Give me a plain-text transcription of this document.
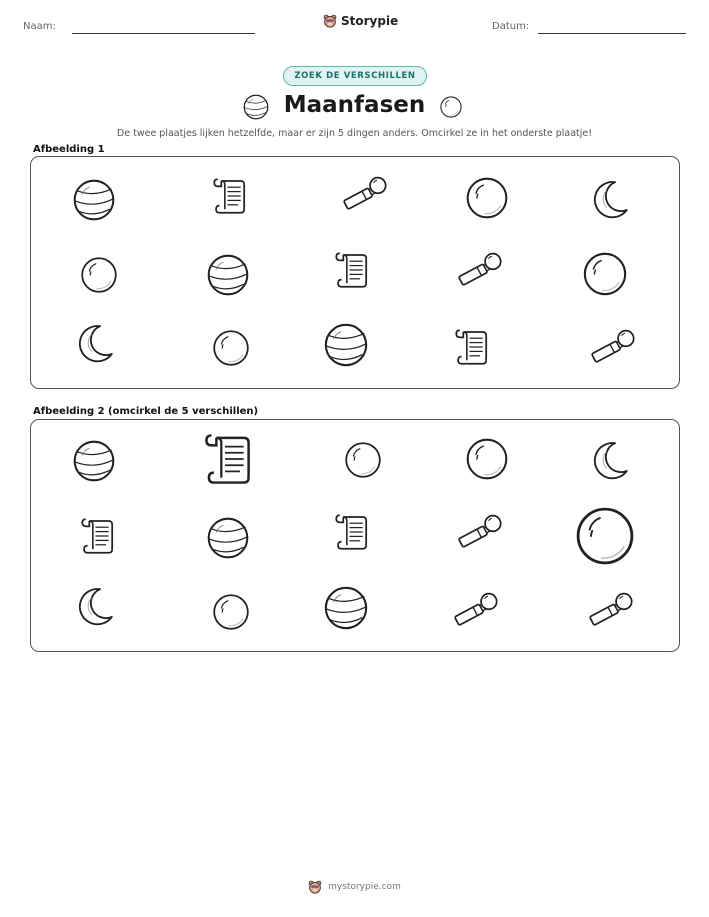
Naam:	Storypie	Datum:
ZOEK DE VERSCHILLEN
Maanfasen
De twee plaatjes lijken hetzelfde, maar er zijn 5 dingen anders. Omcirkel ze in het onderste plaatje!
Afbeelding 1
Afbeelding 2 (omcirkel de 5 verschillen)
mystorypie.com
